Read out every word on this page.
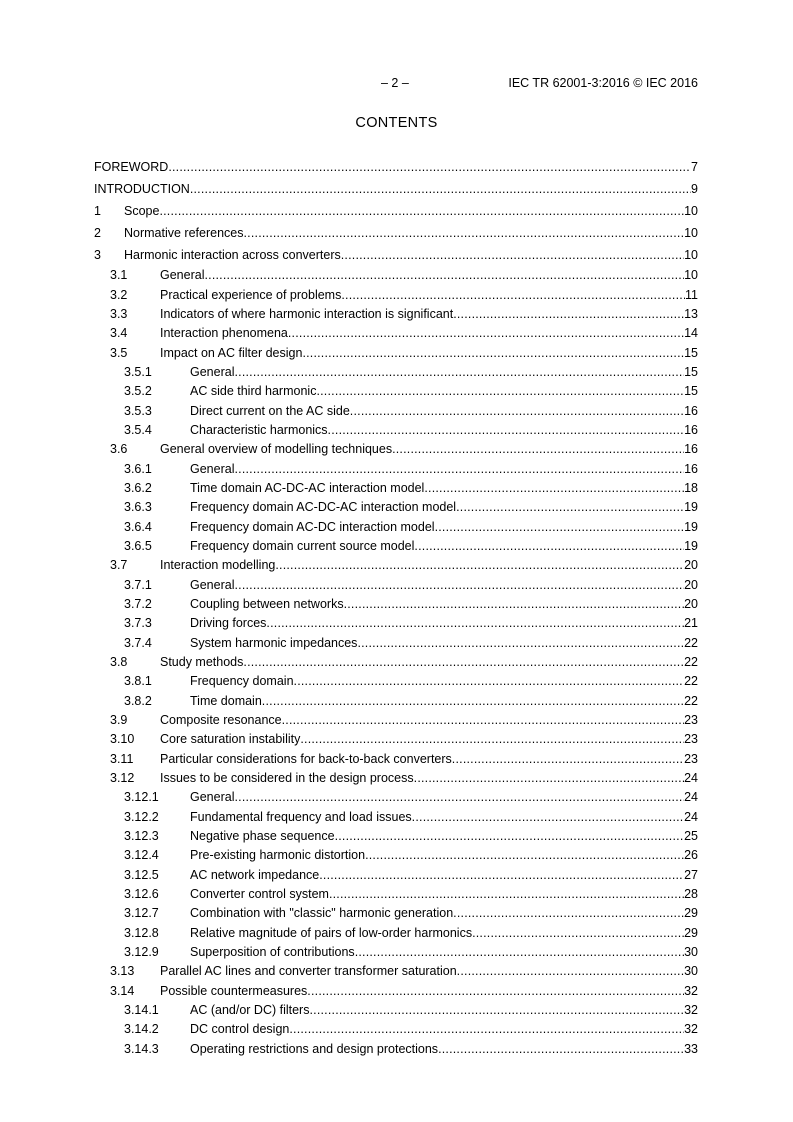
– 2 –	IEC TR 62001-3:2016 © IEC 2016
CONTENTS
FOREWORD .....	7
INTRODUCTION .....	9
1 Scope .....	10
2 Normative references .....	10
3 Harmonic interaction across converters .....	10
3.1	General .....	10
3.2	Practical experience of problems .....	11
3.3	Indicators of where harmonic interaction is significant .....	13
3.4	Interaction phenomena .....	14
3.5	Impact on AC filter design .....	15
3.5.1	General .....	15
3.5.2	AC side third harmonic .....	15
3.5.3	Direct current on the AC side .....	16
3.5.4	Characteristic harmonics .....	16
3.6	General overview of modelling techniques .....	16
3.6.1	General .....	16
3.6.2	Time domain AC-DC-AC interaction model .....	18
3.6.3	Frequency domain AC-DC-AC interaction model .....	19
3.6.4	Frequency domain AC-DC interaction model .....	19
3.6.5	Frequency domain current source model .....	19
3.7	Interaction modelling .....	20
3.7.1	General .....	20
3.7.2	Coupling between networks .....	20
3.7.3	Driving forces .....	21
3.7.4	System harmonic impedances .....	22
3.8	Study methods .....	22
3.8.1	Frequency domain .....	22
3.8.2	Time domain .....	22
3.9	Composite resonance .....	23
3.10 Core saturation instability .....	23
3.11 Particular considerations for back-to-back converters .....	23
3.12 Issues to be considered in the design process .....	24
3.12.1 General .....	24
3.12.2 Fundamental frequency and load issues .....	24
3.12.3 Negative phase sequence .....	25
3.12.4 Pre-existing harmonic distortion .....	26
3.12.5 AC network impedance .....	27
3.12.6 Converter control system .....	28
3.12.7 Combination with "classic" harmonic generation .....	29
3.12.8 Relative magnitude of pairs of low-order harmonics .....	29
3.12.9 Superposition of contributions .....	30
3.13 Parallel AC lines and converter transformer saturation .....	30
3.14 Possible countermeasures .....	32
3.14.1 AC (and/or DC) filters .....	32
3.14.2 DC control design .....	32
3.14.3 Operating restrictions and design protections .....	33
